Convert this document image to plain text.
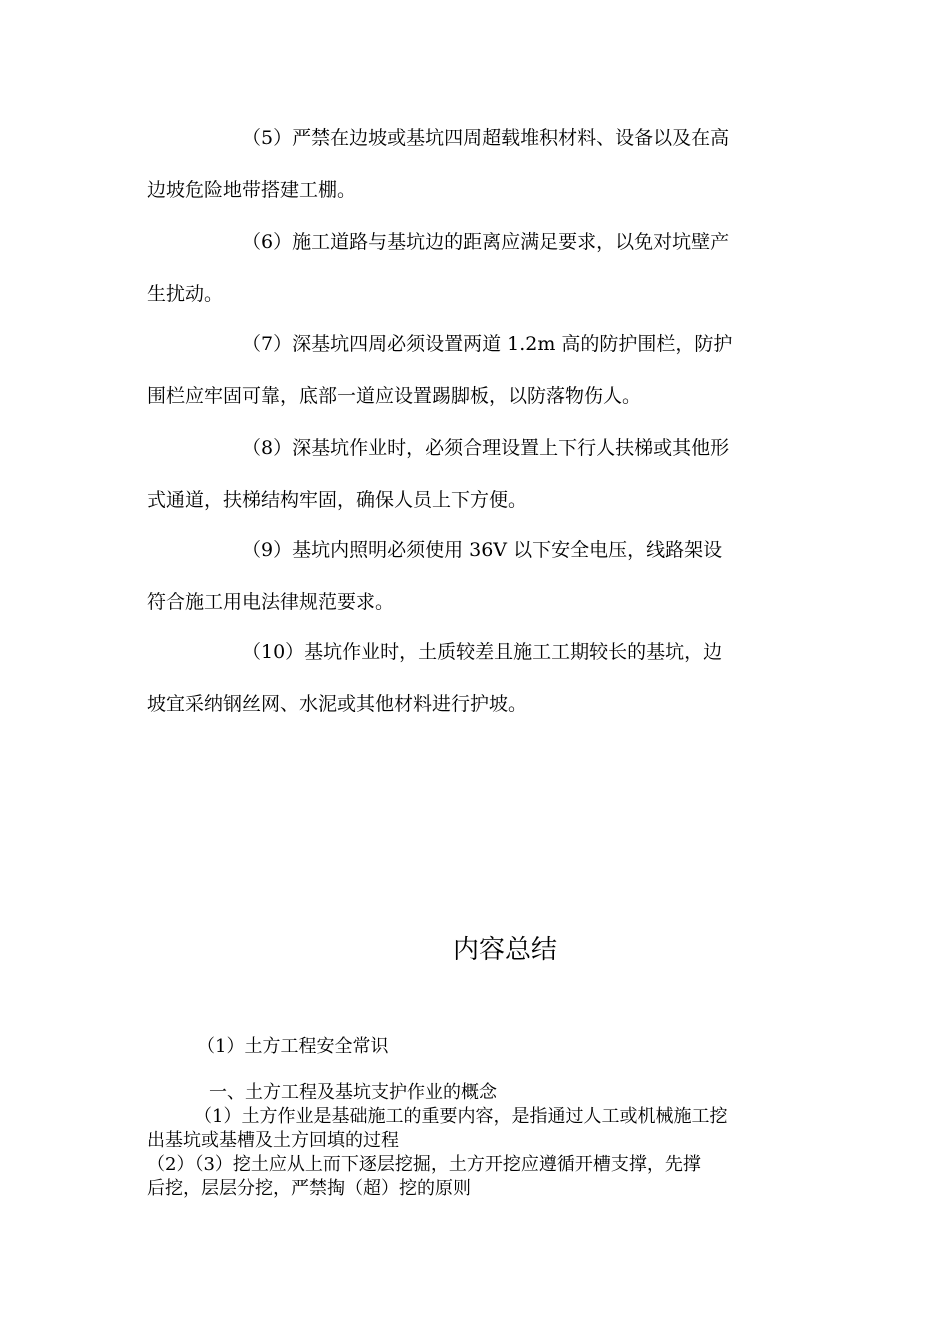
（5）严禁在边坡或基坑四周超载堆积材料、设备以及在高
边坡危险地带搭建工棚。

（6）施工道路与基坑边的距离应满足要求，以免对坑壁产
生扰动。

（7）深基坑四周必须设置两道 1.2m 高的防护围栏，防护
围栏应牢固可靠，底部一道应设置踢脚板，以防落物伤人。

（8）深基坑作业时，必须合理设置上下行人扶梯或其他形
式通道，扶梯结构牢固，确保人员上下方便。

（9）基坑内照明必须使用 36V 以下安全电压，线路架设
符合施工用电法律规范要求。

（10）基坑作业时，土质较差且施工工期较长的基坑，边
坡宜采纳钢丝网、水泥或其他材料进行护坡。

内容总结

（1）土方工程安全常识

一、土方工程及基坑支护作业的概念
（1）土方作业是基础施工的重要内容，是指通过人工或机械施工挖
出基坑或基槽及土方回填的过程
（2）（3）挖土应从上而下逐层挖掘，土方开挖应遵循开槽支撑，先撑
后挖，层层分挖，严禁掏（超）挖的原则
